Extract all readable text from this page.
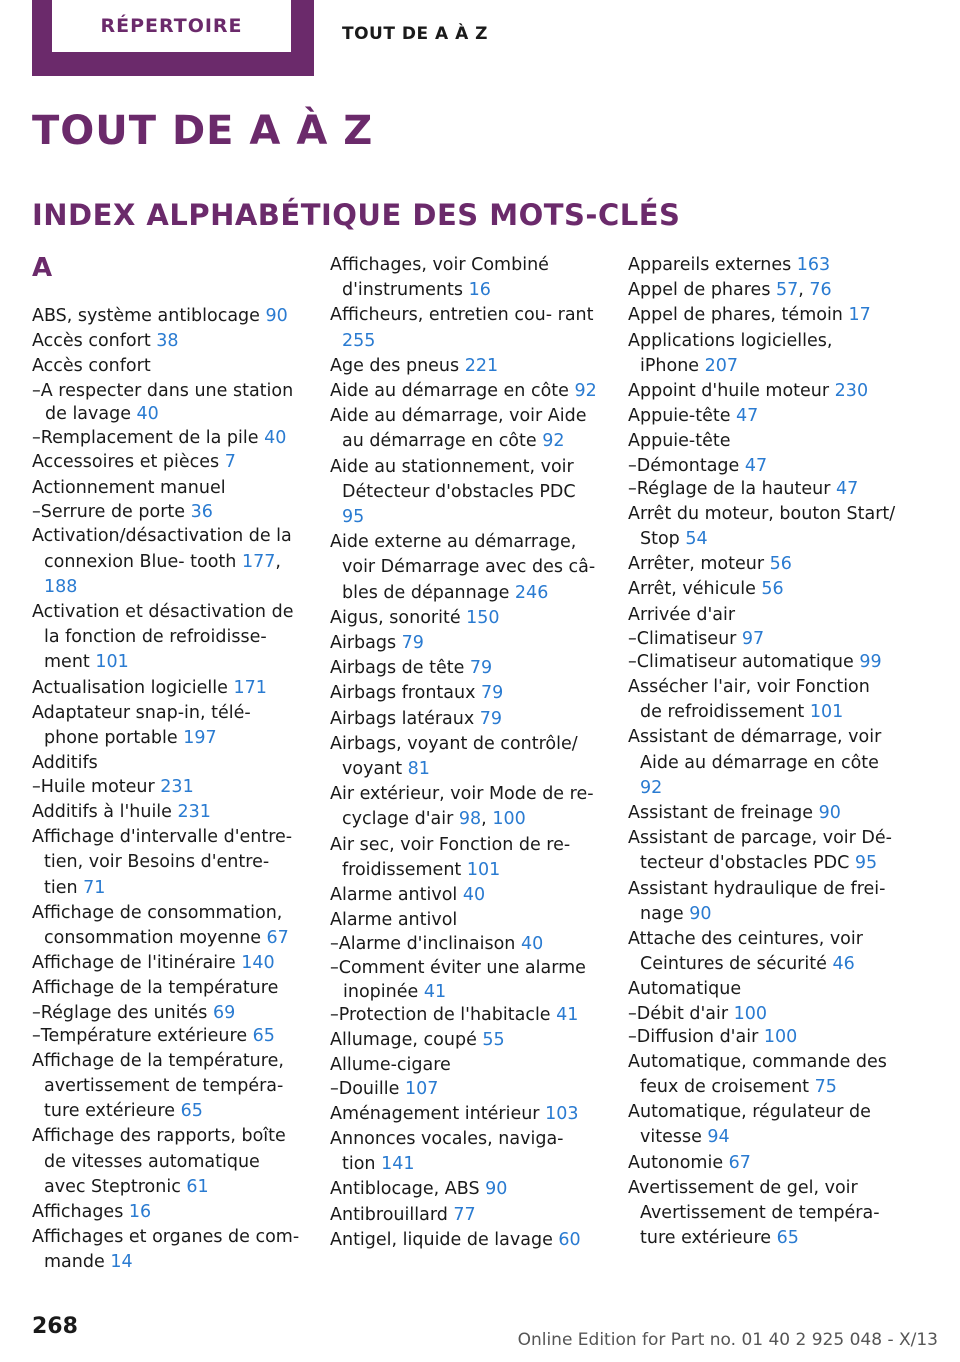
RÉPERTOIRE	TOUT DE A À Z
TOUT DE A À Z
INDEX ALPHABÉTIQUE DES MOTS-CLÉS
A
ABS, système antiblocage 90
Accès confort 38
Accès confort
– A respecter dans une station de lavage 40
– Remplacement de la pile 40
Accessoires et pièces 7
Actionnement manuel
– Serrure de porte 36
Activation/désactivation de la connexion Blue‐ tooth 177, 188
Activation et désactivation de la fonction de refroidisse‐ ment 101
Actualisation logicielle 171
Adaptateur snap-in, télé‐ phone portable 197
Additifs
– Huile moteur 231
Additifs à l'huile 231
Affichage d'intervalle d'entre‐ tien, voir Besoins d'entre‐ tien 71
Affichage de consommation, consommation moyenne 67
Affichage de l'itinéraire 140
Affichage de la température
– Réglage des unités 69
– Température extérieure 65
Affichage de la température, avertissement de tempéra‐ ture extérieure 65
Affichage des rapports, boîte de vitesses automatique avec Steptronic 61
Affichages 16
Affichages et organes de com‐ mande 14
Affichages, voir Combiné d'instruments 16
Afficheurs, entretien cou‐ rant 255
Age des pneus 221
Aide au démarrage en côte 92
Aide au démarrage, voir Aide au démarrage en côte 92
Aide au stationnement, voir Détecteur d'obstacles PDC 95
Aide externe au démarrage, voir Démarrage avec des câ‐ bles de dépannage 246
Aigus, sonorité 150
Airbags 79
Airbags de tête 79
Airbags frontaux 79
Airbags latéraux 79
Airbags, voyant de contrôle/ voyant 81
Air extérieur, voir Mode de re‐ cyclage d'air 98, 100
Air sec, voir Fonction de re‐ froidissement 101
Alarme antivol 40
Alarme antivol
– Alarme d'inclinaison 40
– Comment éviter une alarme inopinée 41
– Protection de l'habitacle 41
Allumage, coupé 55
Allume-cigare
– Douille 107
Aménagement intérieur 103
Annonces vocales, naviga‐ tion 141
Antiblocage, ABS 90
Antibrouillard 77
Antigel, liquide de lavage 60
Appareils externes 163
Appel de phares 57, 76
Appel de phares, témoin 17
Applications logicielles, iPhone 207
Appoint d'huile moteur 230
Appuie-tête 47
Appuie-tête
– Démontage 47
– Réglage de la hauteur 47
Arrêt du moteur, bouton Start/ Stop 54
Arrêter, moteur 56
Arrêt, véhicule 56
Arrivée d'air
– Climatiseur 97
– Climatiseur automatique 99
Assécher l'air, voir Fonction de refroidissement 101
Assistant de démarrage, voir Aide au démarrage en côte 92
Assistant de freinage 90
Assistant de parcage, voir Dé‐ tecteur d'obstacles PDC 95
Assistant hydraulique de frei‐ nage 90
Attache des ceintures, voir Ceintures de sécurité 46
Automatique
– Débit d'air 100
– Diffusion d'air 100
Automatique, commande des feux de croisement 75
Automatique, régulateur de vitesse 94
Autonomie 67
Avertissement de gel, voir Avertissement de tempéra‐ ture extérieure 65
268
Online Edition for Part no. 01 40 2 925 048 - X/13
